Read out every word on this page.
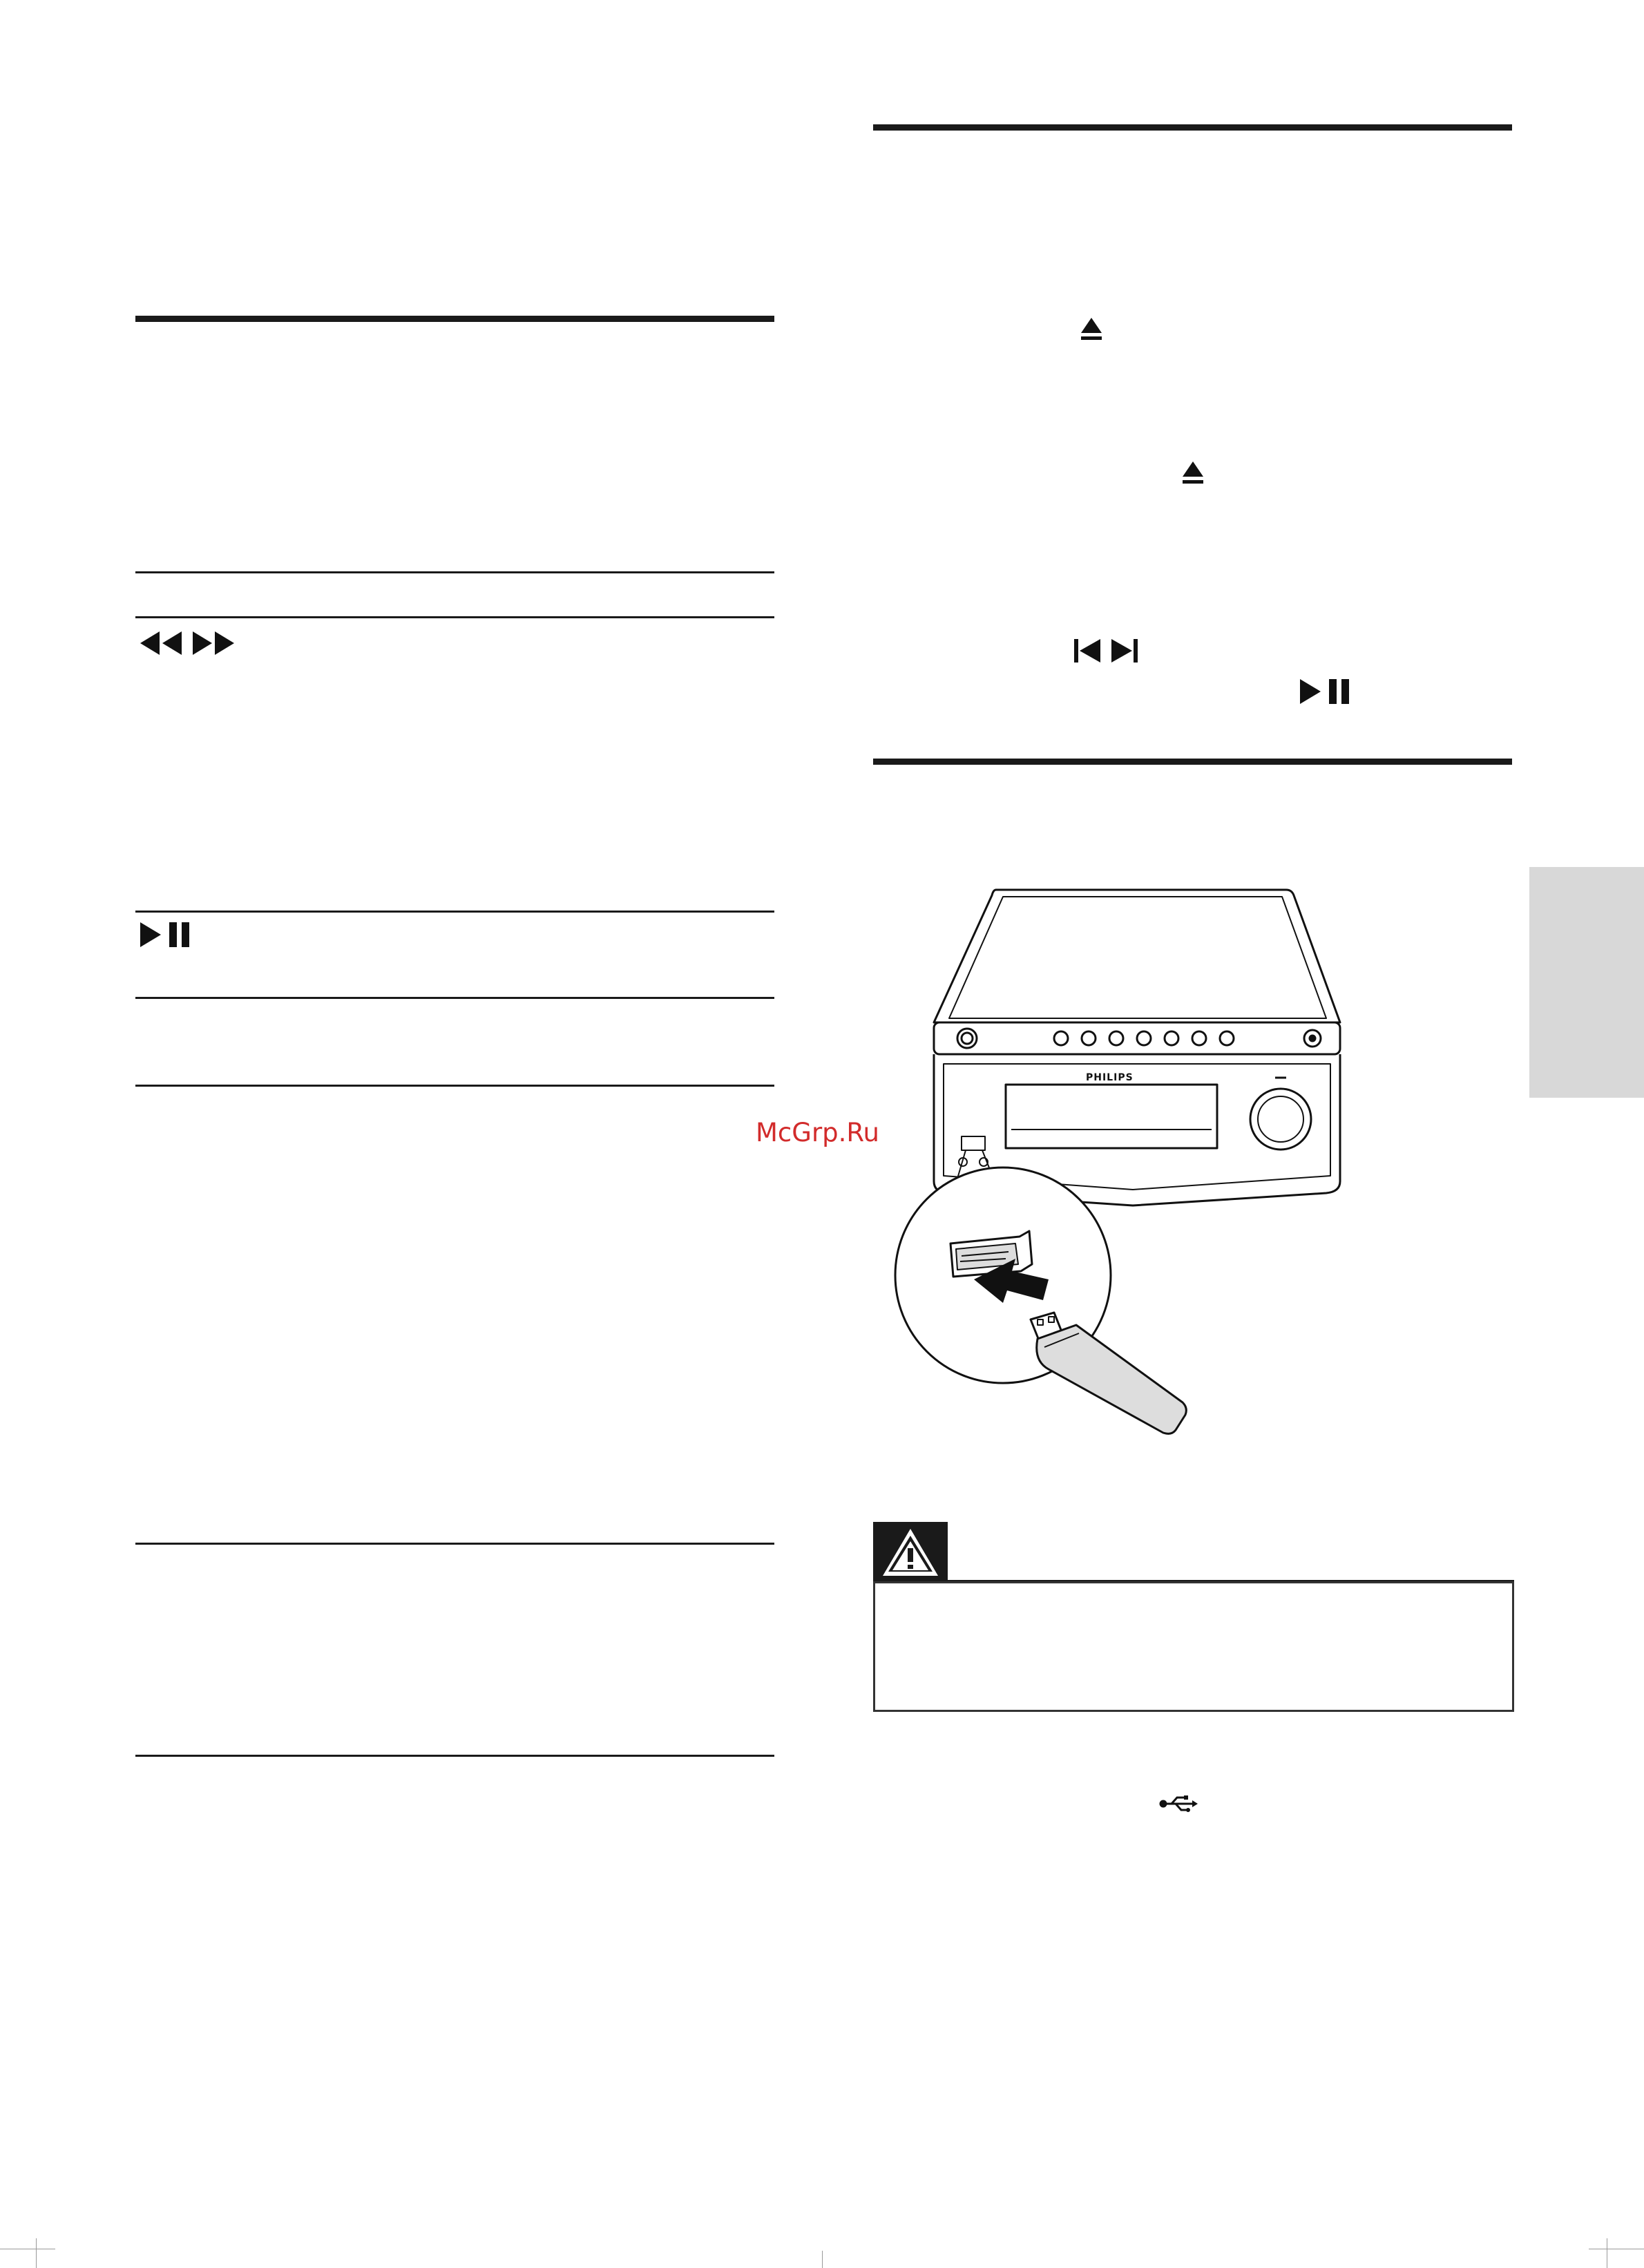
McGrp.Ru
PHILIPS
